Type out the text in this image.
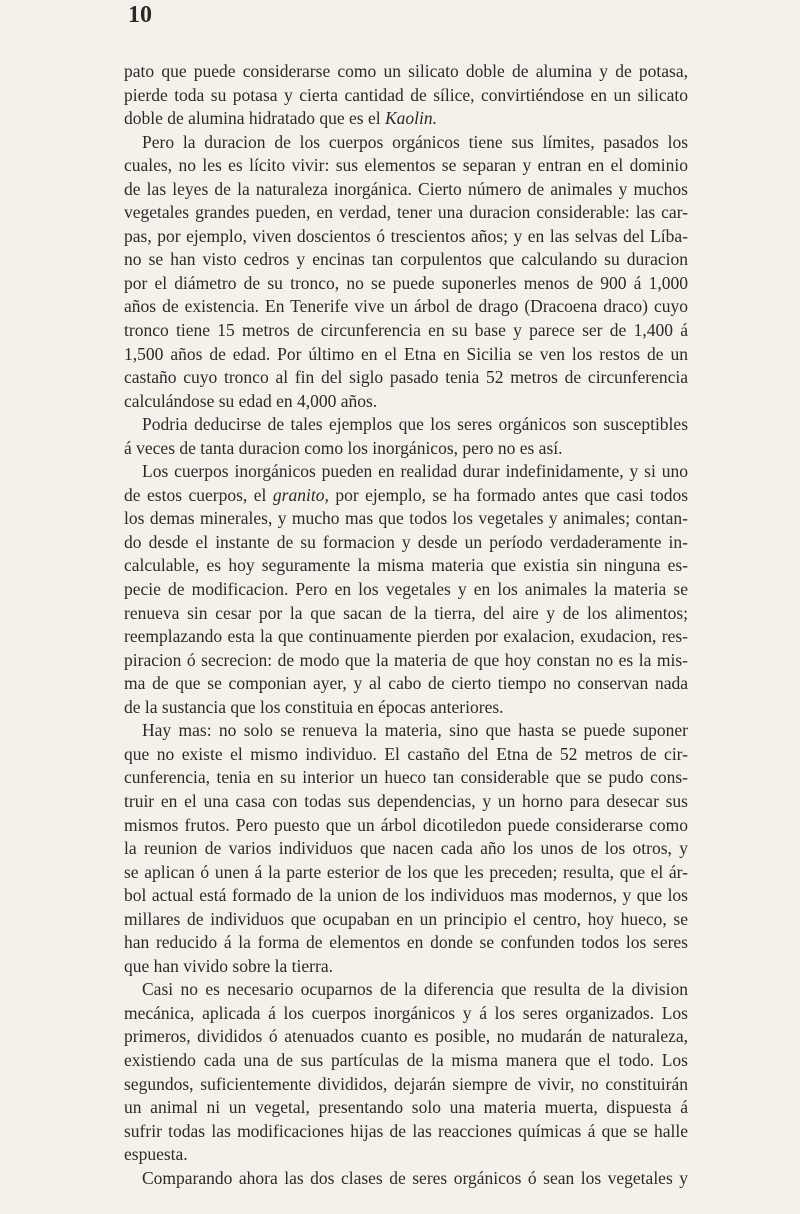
10
pato que puede considerarse como un silicato doble de alumina y de potasa,
pierde toda su potasa y cierta cantidad de sílice, convirtiéndose en un silicato
doble de alumina hidratado que es el Kaolin.
Pero la duracion de los cuerpos orgánicos tiene sus límites, pasados los
cuales, no les es lícito vivir: sus elementos se separan y entran en el dominio
de las leyes de la naturaleza inorgánica. Cierto número de animales y muchos
vegetales grandes pueden, en verdad, tener una duracion considerable: las car-
pas, por ejemplo, viven doscientos ó trescientos años; y en las selvas del Líba-
no se han visto cedros y encinas tan corpulentos que calculando su duracion
por el diámetro de su tronco, no se puede suponerles menos de 900 á 1,000
años de existencia. En Tenerife vive un árbol de drago (Dracoena draco) cuyo
tronco tiene 15 metros de circunferencia en su base y parece ser de 1,400 á
1,500 años de edad. Por último en el Etna en Sicilia se ven los restos de un
castaño cuyo tronco al fin del siglo pasado tenia 52 metros de circunferencia
calculándose su edad en 4,000 años.
Podria deducirse de tales ejemplos que los seres orgánicos son susceptibles
á veces de tanta duracion como los inorgánicos, pero no es así.
Los cuerpos inorgánicos pueden en realidad durar indefinidamente, y si uno
de estos cuerpos, el granito, por ejemplo, se ha formado antes que casi todos
los demas minerales, y mucho mas que todos los vegetales y animales; contan-
do desde el instante de su formacion y desde un período verdaderamente in-
calculable, es hoy seguramente la misma materia que existia sin ninguna es-
pecie de modificacion. Pero en los vegetales y en los animales la materia se
renueva sin cesar por la que sacan de la tierra, del aire y de los alimentos;
reemplazando esta la que continuamente pierden por exalacion, exudacion, res-
piracion ó secrecion: de modo que la materia de que hoy constan no es la mis-
ma de que se componian ayer, y al cabo de cierto tiempo no conservan nada
de la sustancia que los constituia en épocas anteriores.
Hay mas: no solo se renueva la materia, sino que hasta se puede suponer
que no existe el mismo individuo. El castaño del Etna de 52 metros de cir-
cunferencia, tenia en su interior un hueco tan considerable que se pudo cons-
truir en el una casa con todas sus dependencias, y un horno para desecar sus
mismos frutos. Pero puesto que un árbol dicotiledon puede considerarse como
la reunion de varios individuos que nacen cada año los unos de los otros, y
se aplican ó unen á la parte esterior de los que les preceden; resulta, que el ár-
bol actual está formado de la union de los individuos mas modernos, y que los
millares de individuos que ocupaban en un principio el centro, hoy hueco, se
han reducido á la forma de elementos en donde se confunden todos los seres
que han vivido sobre la tierra.
Casi no es necesario ocuparnos de la diferencia que resulta de la division
mecánica, aplicada á los cuerpos inorgánicos y á los seres organizados. Los
primeros, divididos ó atenuados cuanto es posible, no mudarán de naturaleza,
existiendo cada una de sus partículas de la misma manera que el todo. Los
segundos, suficientemente divididos, dejarán siempre de vivir, no constituirán
un animal ni un vegetal, presentando solo una materia muerta, dispuesta á
sufrir todas las modificaciones hijas de las reacciones químicas á que se halle
espuesta.
Comparando ahora las dos clases de seres orgánicos ó sean los vegetales y
